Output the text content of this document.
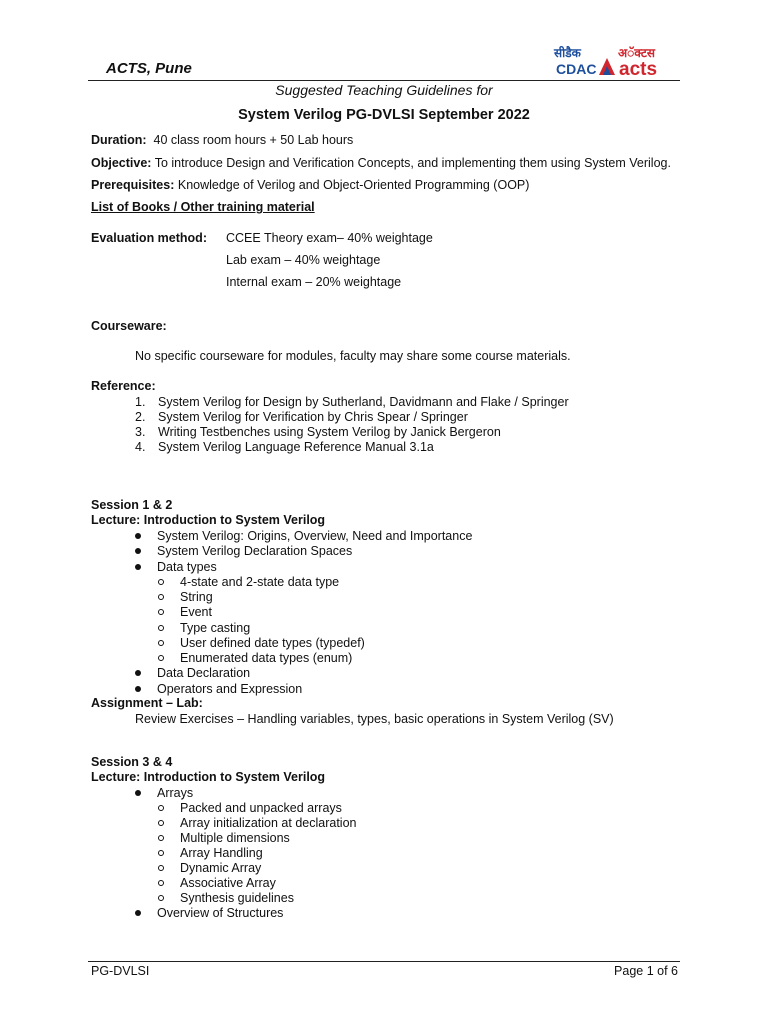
ACTS, Pune
सीडैक
CDAC
अॅक्टस
acts
Suggested Teaching Guidelines for
System Verilog PG-DVLSI September 2022
Duration: 40 class room hours + 50 Lab hours
Objective: To introduce Design and Verification Concepts, and implementing them using System Verilog.
Prerequisites: Knowledge of Verilog and Object-Oriented Programming (OOP)
List of Books / Other training material
Evaluation method: CCEE Theory exam– 40% weightage
Lab exam – 40% weightage
Internal exam – 20% weightage
Courseware:
No specific courseware for modules, faculty may share some course materials.
Reference:
1. System Verilog for Design by Sutherland, Davidmann and Flake / Springer
2. System Verilog for Verification by Chris Spear / Springer
3. Writing Testbenches using System Verilog by Janick Bergeron
4. System Verilog Language Reference Manual 3.1a
Session 1 & 2
Lecture: Introduction to System Verilog
System Verilog: Origins, Overview, Need and Importance
System Verilog Declaration Spaces
Data types
4-state and 2-state data type
String
Event
Type casting
User defined date types (typedef)
Enumerated data types (enum)
Data Declaration
Operators and Expression
Assignment – Lab:
Review Exercises – Handling variables, types, basic operations in System Verilog (SV)
Session 3 & 4
Lecture: Introduction to System Verilog
Arrays
Packed and unpacked arrays
Array initialization at declaration
Multiple dimensions
Array Handling
Dynamic Array
Associative Array
Synthesis guidelines
Overview of Structures
PG-DVLSI	Page 1 of 6
